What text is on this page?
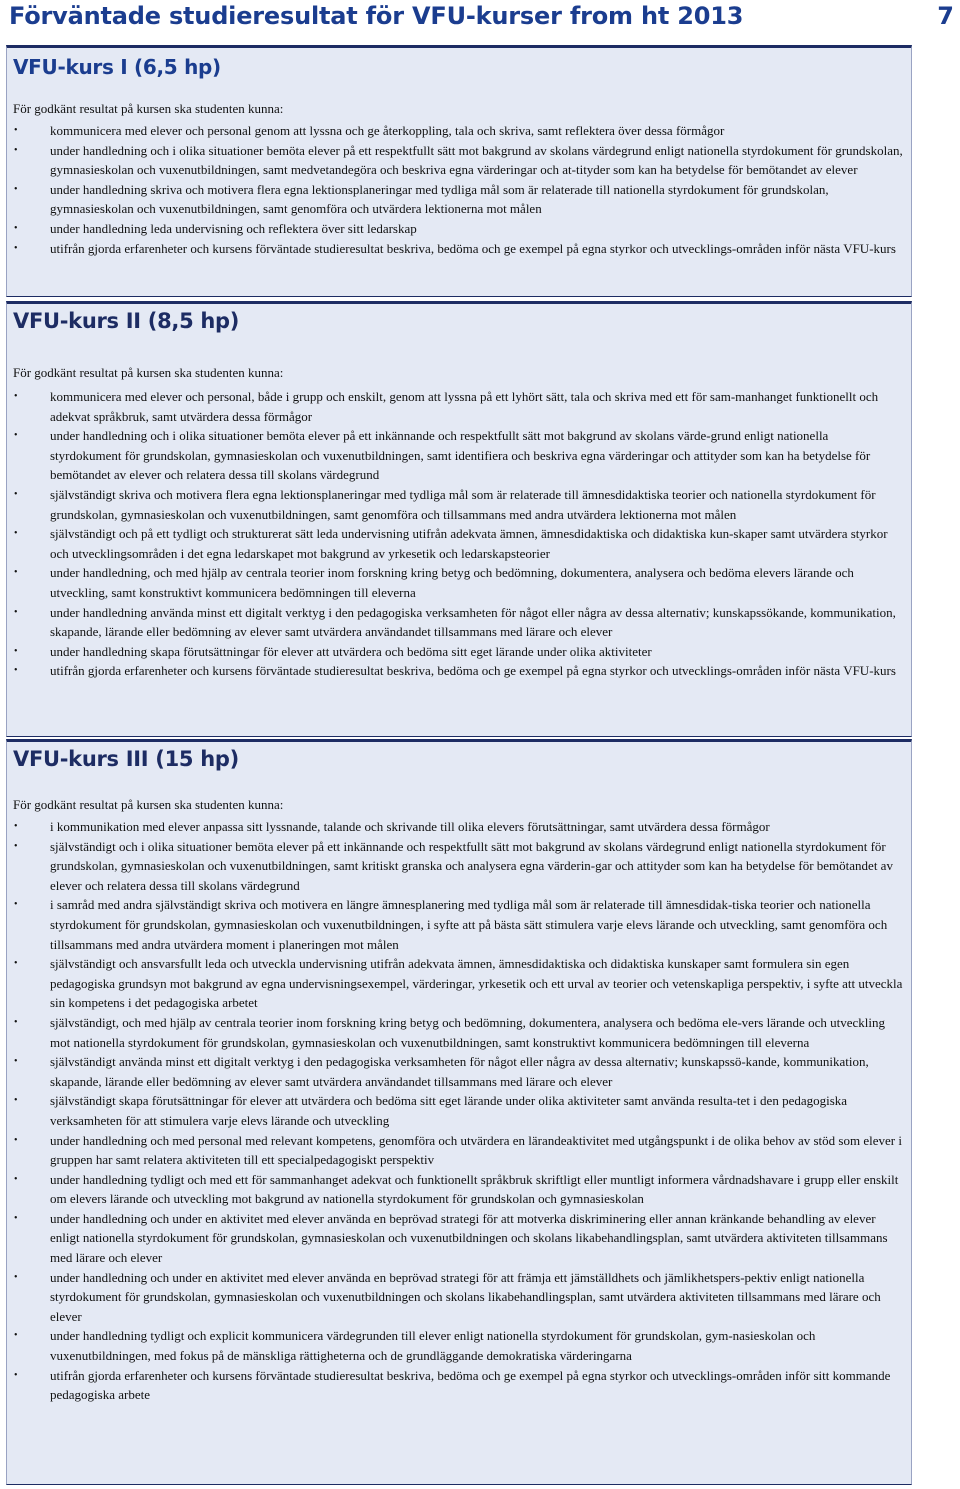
Förväntade studieresultat för VFU-kurser from ht 2013	7
VFU-kurs I (6,5 hp)

För godkänt resultat på kursen ska studenten kunna:

• kommunicera med elever och personal genom att lyssna och ge återkoppling, tala och skriva, samt reflektera över dessa förmågor
• under handledning och i olika situationer bemöta elever på ett respektfullt sätt mot bakgrund av skolans värdegrund enligt nationella styrdokument för grundskolan, gymnasieskolan och vuxenutbildningen, samt medvetandegöra och beskriva egna värderingar och at-tityder som kan ha betydelse för bemötandet av elever
• under handledning skriva och motivera flera egna lektionsplaneringar med tydliga mål som är relaterade till nationella styrdokument för grundskolan, gymnasieskolan och vuxenutbildningen, samt genomföra och utvärdera lektionerna mot målen
• under handledning leda undervisning och reflektera över sitt ledarskap
• utifrån gjorda erfarenheter och kursens förväntade studieresultat beskriva, bedöma och ge exempel på egna styrkor och utvecklings-områden inför nästa VFU-kurs
VFU-kurs II (8,5 hp)

För godkänt resultat på kursen ska studenten kunna:

• kommunicera med elever och personal, både i grupp och enskilt, genom att lyssna på ett lyhört sätt, tala och skriva med ett för sam-manhanget funktionellt och adekvat språkbruk, samt utvärdera dessa förmågor
• under handledning och i olika situationer bemöta elever på ett inkännande och respektfullt sätt mot bakgrund av skolans värde-grund enligt nationella styrdokument för grundskolan, gymnasieskolan och vuxenutbildningen, samt identifiera och beskriva egna värderingar och attityder som kan ha betydelse för bemötandet av elever och relatera dessa till skolans värdegrund
• självständigt skriva och motivera flera egna lektionsplaneringar med tydliga mål som är relaterade till ämnesdidaktiska teorier och nationella styrdokument för grundskolan, gymnasieskolan och vuxenutbildningen, samt genomföra och tillsammans med andra utvärdera lektionerna mot målen
• självständigt och på ett tydligt och strukturerat sätt leda undervisning utifrån adekvata ämnen, ämnesdidaktiska och didaktiska kun-skaper samt utvärdera styrkor och utvecklingsområden i det egna ledarskapet mot bakgrund av yrkesetik och ledarskapsteorier
• under handledning, och med hjälp av centrala teorier inom forskning kring betyg och bedömning, dokumentera, analysera och bedöma elevers lärande och utveckling, samt konstruktivt kommunicera bedömningen till eleverna
• under handledning använda minst ett digitalt verktyg i den pedagogiska verksamheten för något eller några av dessa alternativ; kunskapssökande, kommunikation, skapande, lärande eller bedömning av elever samt utvärdera användandet tillsammans med lärare och elever
• under handledning skapa förutsättningar för elever att utvärdera och bedöma sitt eget lärande under olika aktiviteter
• utifrån gjorda erfarenheter och kursens förväntade studieresultat beskriva, bedöma och ge exempel på egna styrkor och utvecklings-områden inför nästa VFU-kurs
VFU-kurs III (15 hp)

För godkänt resultat på kursen ska studenten kunna:

• i kommunikation med elever anpassa sitt lyssnande, talande och skrivande till olika elevers förutsättningar, samt utvärdera dessa förmågor
• självständigt och i olika situationer bemöta elever på ett inkännande och respektfullt sätt mot bakgrund av skolans värdegrund enligt nationella styrdokument för grundskolan, gymnasieskolan och vuxenutbildningen, samt kritiskt granska och analysera egna värderin-gar och attityder som kan ha betydelse för bemötandet av elever och relatera dessa till skolans värdegrund
• i samråd med andra självständigt skriva och motivera en längre ämnesplanering med tydliga mål som är relaterade till ämnesdidak-tiska teorier och nationella styrdokument för grundskolan, gymnasieskolan och vuxenutbildningen, i syfte att på bästa sätt stimulera varje elevs lärande och utveckling, samt genomföra och tillsammans med andra utvärdera moment i planeringen mot målen
• självständigt och ansvarsfullt leda och utveckla undervisning utifrån adekvata ämnen, ämnesdidaktiska och didaktiska kunskaper samt formulera sin egen pedagogiska grundsyn mot bakgrund av egna undervisningsexempel, värderingar, yrkesetik och ett urval av teorier och vetenskapliga perspektiv, i syfte att utveckla sin kompetens i det pedagogiska arbetet
• självständigt, och med hjälp av centrala teorier inom forskning kring betyg och bedömning, dokumentera, analysera och bedöma ele-vers lärande och utveckling mot nationella styrdokument för grundskolan, gymnasieskolan och vuxenutbildningen, samt konstruktivt kommunicera bedömningen till eleverna
• självständigt använda minst ett digitalt verktyg i den pedagogiska verksamheten för något eller några av dessa alternativ; kunskapssö-kande, kommunikation, skapande, lärande eller bedömning av elever samt utvärdera användandet tillsammans med lärare och elever
• självständigt skapa förutsättningar för elever att utvärdera och bedöma sitt eget lärande under olika aktiviteter samt använda resulta-tet i den pedagogiska verksamheten för att stimulera varje elevs lärande och utveckling
• under handledning och med personal med relevant kompetens, genomföra och utvärdera en lärandeaktivitet med utgångspunkt i de olika behov av stöd som elever i gruppen har samt relatera aktiviteten till ett specialpedagogiskt perspektiv
• under handledning tydligt och med ett för sammanhanget adekvat och funktionellt språkbruk skriftligt eller muntligt informera vårdnadshavare i grupp eller enskilt om elevers lärande och utveckling mot bakgrund av nationella styrdokument för grundskolan och gymnasieskolan
• under handledning och under en aktivitet med elever använda en beprövad strategi för att motverka diskriminering eller annan kränkande behandling av elever enligt nationella styrdokument för grundskolan, gymnasieskolan och vuxenutbildningen och skolans likabehandlingsplan, samt utvärdera aktiviteten tillsammans med lärare och elever
• under handledning och under en aktivitet med elever använda en beprövad strategi för att främja ett jämställdhets och jämlikhetspers-pektiv enligt nationella styrdokument för grundskolan, gymnasieskolan och vuxenutbildningen och skolans likabehandlingsplan, samt utvärdera aktiviteten tillsammans med lärare och elever
• under handledning tydligt och explicit kommunicera värdegrunden till elever enligt nationella styrdokument för grundskolan, gym-nasieskolan och vuxenutbildningen, med fokus på de mänskliga rättigheterna och de grundläggande demokratiska värderingarna
• utifrån gjorda erfarenheter och kursens förväntade studieresultat beskriva, bedöma och ge exempel på egna styrkor och utvecklings-områden inför sitt kommande pedagogiska arbete
